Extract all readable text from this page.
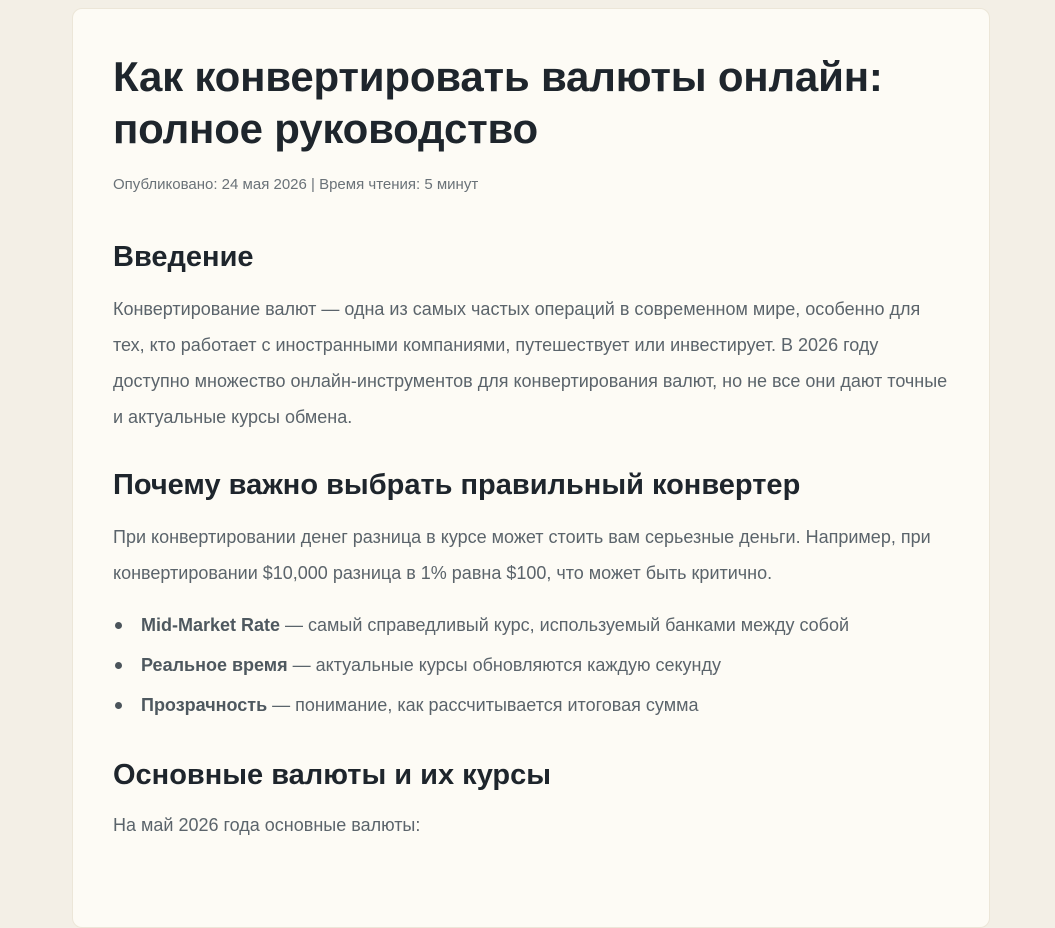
Как конвертировать валюты онлайн: полное руководство
Опубликовано: 24 мая 2026 | Время чтения: 5 минут
Введение

Конвертирование валют — одна из самых частых операций в современном мире, особенно для тех, кто работает с иностранными компаниями, путешествует или инвестирует. В 2026 году доступно множество онлайн-инструментов для конвертирования валют, но не все они дают точные и актуальные курсы обмена.

Почему важно выбрать правильный конвертер

При конвертировании денег разница в курсе может стоить вам серьезные деньги. Например, при конвертировании $10,000 разница в 1% равна $100, что может быть критично.

Mid-Market Rate — самый справедливый курс, используемый банками между собой
Реальное время — актуальные курсы обновляются каждую секунду
Прозрачность — понимание, как рассчитывается итоговая сумма
Основные валюты и их курсы

На май 2026 года основные валюты:
